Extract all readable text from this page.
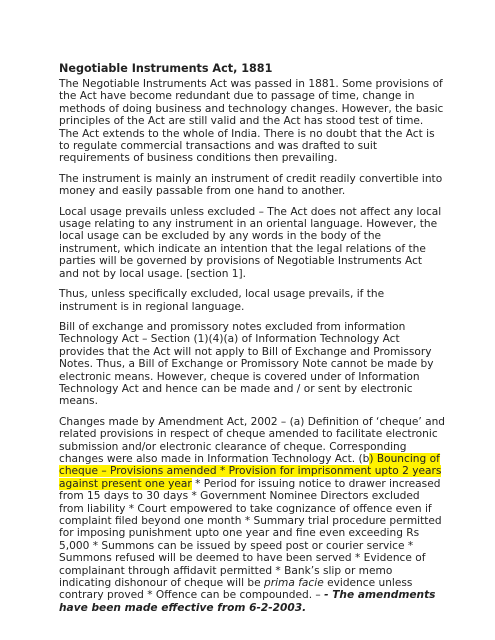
Negotiable Instruments Act, 1881

The Negotiable Instruments Act was passed in 1881. Some provisions of the Act have become redundant due to passage of time, change in methods of doing business and technology changes. However, the basic principles of the Act are still valid and the Act has stood test of time. The Act extends to the whole of India. There is no doubt that the Act is to regulate commercial transactions and was drafted to suit requirements of business conditions then prevailing.

The instrument is mainly an instrument of credit readily convertible into money and easily passable from one hand to another.

Local usage prevails unless excluded – The Act does not affect any local usage relating to any instrument in an oriental language. However, the local usage can be excluded by any words in the body of the instrument, which indicate an intention that the legal relations of the parties will be governed by provisions of Negotiable Instruments Act and not by local usage. [section 1].

Thus, unless specifically excluded, local usage prevails, if the instrument is in regional language.

Bill of exchange and promissory notes excluded from information Technology Act – Section (1)(4)(a) of Information Technology Act provides that the Act will not apply to Bill of Exchange and Promissory Notes. Thus, a Bill of Exchange or Promissory Note cannot be made by electronic means. However, cheque is covered under of Information Technology Act and hence can be made and / or sent by electronic means.

Changes made by Amendment Act, 2002 – (a) Definition of ‘cheque’ and related provisions in respect of cheque amended to facilitate electronic submission and/or electronic clearance of cheque. Corresponding changes were also made in Information Technology Act. (b) Bouncing of cheque – Provisions amended * Provision for imprisonment upto 2 years against present one year * Period for issuing notice to drawer increased from 15 days to 30 days * Government Nominee Directors excluded from liability * Court empowered to take cognizance of offence even if complaint filed beyond one month * Summary trial procedure permitted for imposing punishment upto one year and fine even exceeding Rs 5,000 * Summons can be issued by speed post or courier service * Summons refused will be deemed to have been served * Evidence of complainant through affidavit permitted * Bank’s slip or memo indicating dishonour of cheque will be prima facie evidence unless contrary proved * Offence can be compounded. – - The amendments have been made effective from 6-2-2003.
